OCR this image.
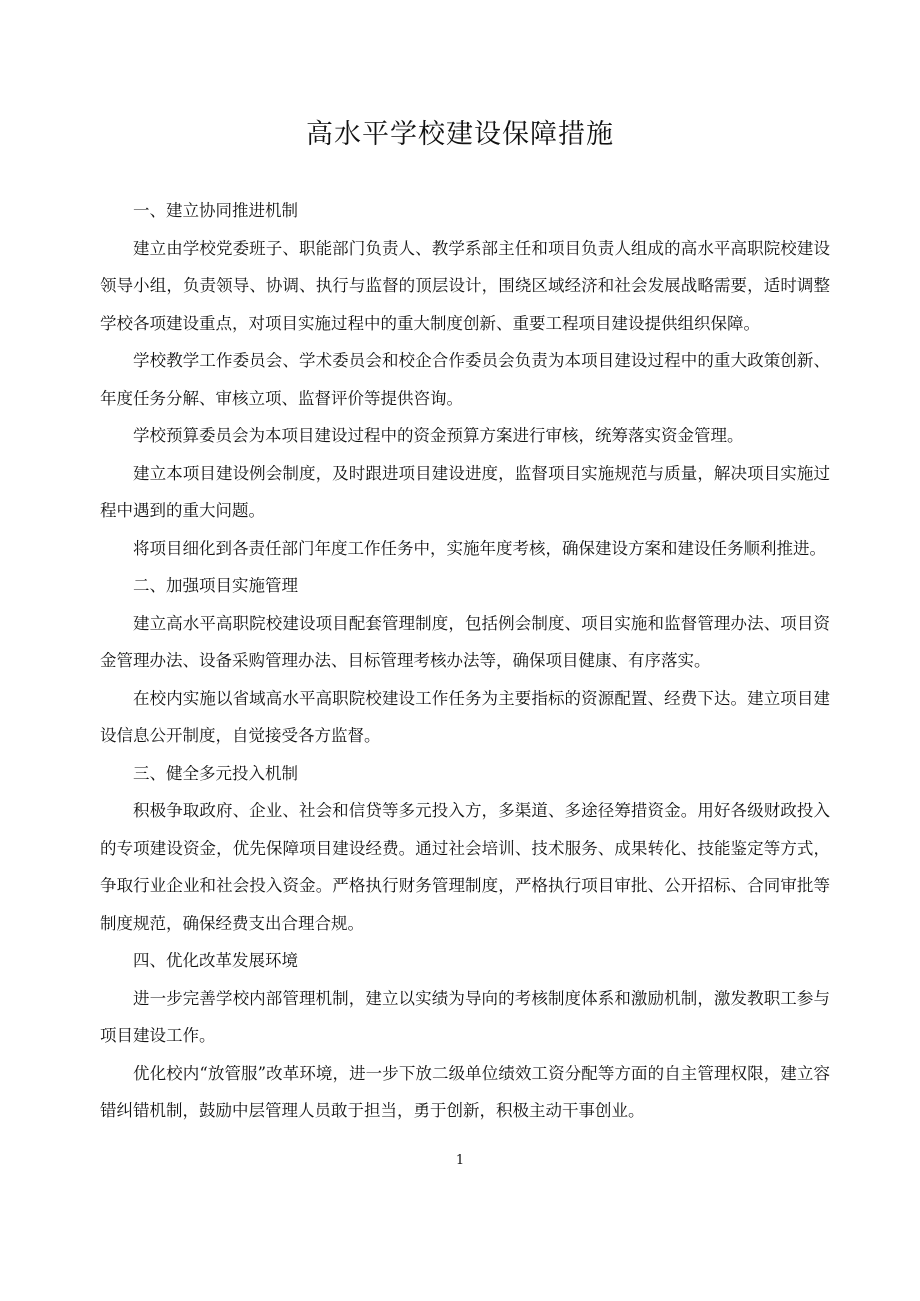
高水平学校建设保障措施

一、建立协同推进机制

建立由学校党委班子、职能部门负责人、教学系部主任和项目负责人组成的高水平高职院校建设领导小组，负责领导、协调、执行与监督的顶层设计，围绕区域经济和社会发展战略需要，适时调整学校各项建设重点，对项目实施过程中的重大制度创新、重要工程项目建设提供组织保障。

学校教学工作委员会、学术委员会和校企合作委员会负责为本项目建设过程中的重大政策创新、年度任务分解、审核立项、监督评价等提供咨询。

学校预算委员会为本项目建设过程中的资金预算方案进行审核，统筹落实资金管理。

建立本项目建设例会制度，及时跟进项目建设进度，监督项目实施规范与质量，解决项目实施过程中遇到的重大问题。

将项目细化到各责任部门年度工作任务中，实施年度考核，确保建设方案和建设任务顺利推进。

二、加强项目实施管理

建立高水平高职院校建设项目配套管理制度，包括例会制度、项目实施和监督管理办法、项目资金管理办法、设备采购管理办法、目标管理考核办法等，确保项目健康、有序落实。

在校内实施以省域高水平高职院校建设工作任务为主要指标的资源配置、经费下达。建立项目建设信息公开制度，自觉接受各方监督。

三、健全多元投入机制

积极争取政府、企业、社会和信贷等多元投入方，多渠道、多途径筹措资金。用好各级财政投入的专项建设资金，优先保障项目建设经费。通过社会培训、技术服务、成果转化、技能鉴定等方式，争取行业企业和社会投入资金。严格执行财务管理制度，严格执行项目审批、公开招标、合同审批等制度规范，确保经费支出合理合规。

四、优化改革发展环境

进一步完善学校内部管理机制，建立以实绩为导向的考核制度体系和激励机制，激发教职工参与项目建设工作。

优化校内“放管服”改革环境，进一步下放二级单位绩效工资分配等方面的自主管理权限，建立容错纠错机制，鼓励中层管理人员敢于担当，勇于创新，积极主动干事创业。

1
